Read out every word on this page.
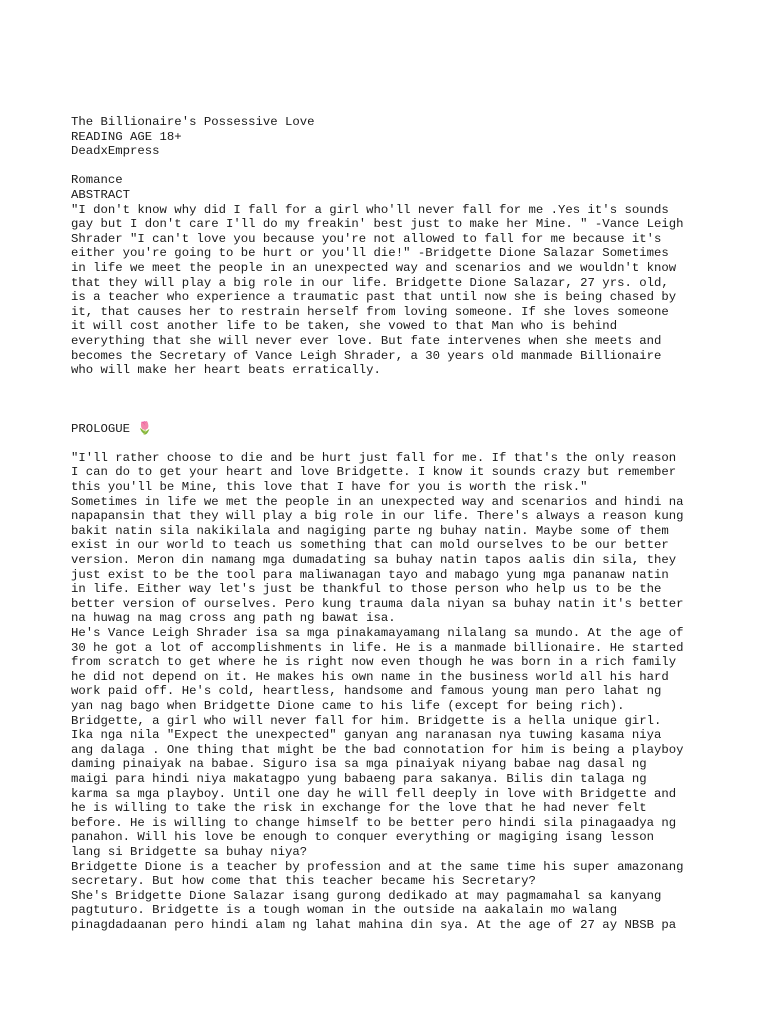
The Billionaire's Possessive Love
READING AGE 18+
DeadxEmpress
Romance
ABSTRACT
"I don't know why did I fall for a girl who'll never fall for me .Yes it's sounds
gay but I don't care I'll do my freakin' best just to make her Mine. " -Vance Leigh
Shrader "I can't love you because you're not allowed to fall for me because it's
either you're going to be hurt or you'll die!" -Bridgette Dione Salazar Sometimes
in life we meet the people in an unexpected way and scenarios and we wouldn't know
that they will play a big role in our life. Bridgette Dione Salazar, 27 yrs. old,
is a teacher who experience a traumatic past that until now she is being chased by
it, that causes her to restrain herself from loving someone. If she loves someone
it will cost another life to be taken, she vowed to that Man who is behind
everything that she will never ever love. But fate intervenes when she meets and
becomes the Secretary of Vance Leigh Shrader, a 30 years old manmade Billionaire
who will make her heart beats erratically.
PROLOGUE 🌷
"I'll rather choose to die and be hurt just fall for me. If that's the only reason
I can do to get your heart and love Bridgette. I know it sounds crazy but remember
this you'll be Mine, this love that I have for you is worth the risk."
Sometimes in life we met the people in an unexpected way and scenarios and hindi na
napapansin that they will play a big role in our life. There's always a reason kung
bakit natin sila nakikilala and nagiging parte ng buhay natin. Maybe some of them
exist in our world to teach us something that can mold ourselves to be our better
version. Meron din namang mga dumadating sa buhay natin tapos aalis din sila, they
just exist to be the tool para maliwanagan tayo and mabago yung mga pananaw natin
in life. Either way let's just be thankful to those person who help us to be the
better version of ourselves. Pero kung trauma dala niyan sa buhay natin it's better
na huwag na mag cross ang path ng bawat isa.
He's Vance Leigh Shrader isa sa mga pinakamayamang nilalang sa mundo. At the age of
30 he got a lot of accomplishments in life. He is a manmade billionaire. He started
from scratch to get where he is right now even though he was born in a rich family
he did not depend on it. He makes his own name in the business world all his hard
work paid off. He's cold, heartless, handsome and famous young man pero lahat ng
yan nag bago when Bridgette Dione came to his life (except for being rich).
Bridgette, a girl who will never fall for him. Bridgette is a hella unique girl.
Ika nga nila "Expect the unexpected" ganyan ang naranasan nya tuwing kasama niya
ang dalaga . One thing that might be the bad connotation for him is being a playboy
daming pinaiyak na babae. Siguro isa sa mga pinaiyak niyang babae nag dasal ng
maigi para hindi niya makatagpo yung babaeng para sakanya. Bilis din talaga ng
karma sa mga playboy. Until one day he will fell deeply in love with Bridgette and
he is willing to take the risk in exchange for the love that he had never felt
before. He is willing to change himself to be better pero hindi sila pinagaadya ng
panahon. Will his love be enough to conquer everything or magiging isang lesson
lang si Bridgette sa buhay niya?
Bridgette Dione is a teacher by profession and at the same time his super amazonang
secretary. But how come that this teacher became his Secretary?
She's Bridgette Dione Salazar isang gurong dedikado at may pagmamahal sa kanyang
pagtuturo. Bridgette is a tough woman in the outside na aakalain mo walang
pinagdadaanan pero hindi alam ng lahat mahina din sya. At the age of 27 ay NBSB pa
